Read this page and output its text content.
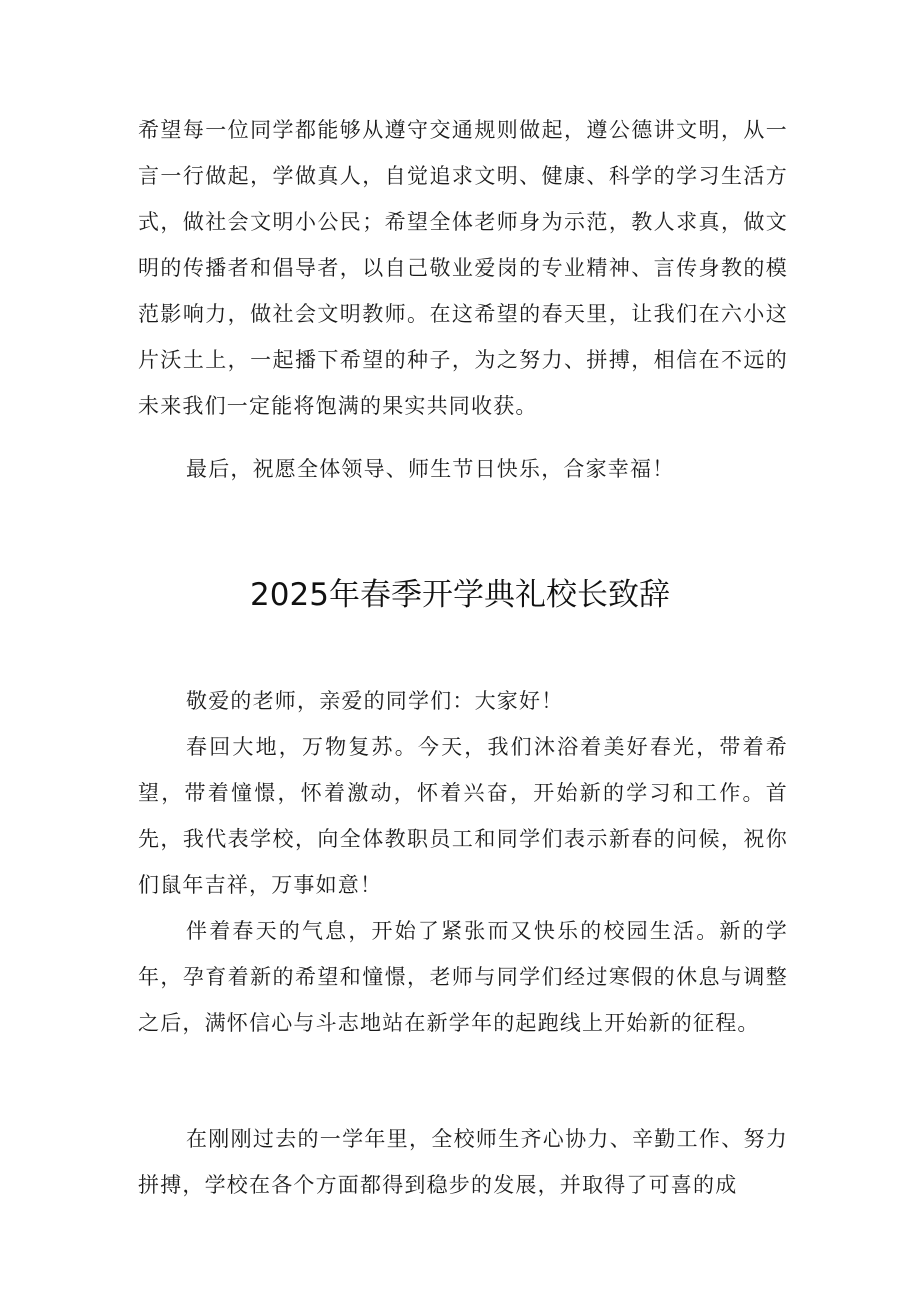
希望每一位同学都能够从遵守交通规则做起，遵公德讲文明，从一言一行做起，学做真人，自觉追求文明、健康、科学的学习生活方式，做社会文明小公民；希望全体老师身为示范，教人求真，做文明的传播者和倡导者，以自己敬业爱岗的专业精神、言传身教的模范影响力，做社会文明教师。在这希望的春天里，让我们在六小这片沃土上，一起播下希望的种子，为之努力、拼搏，相信在不远的未来我们一定能将饱满的果实共同收获。

最后，祝愿全体领导、师生节日快乐，合家幸福！

2025年春季开学典礼校长致辞

敬爱的老师，亲爱的同学们：大家好！

春回大地，万物复苏。今天，我们沐浴着美好春光，带着希望，带着憧憬，怀着激动，怀着兴奋，开始新的学习和工作。首先，我代表学校，向全体教职员工和同学们表示新春的问候，祝你们鼠年吉祥，万事如意！

伴着春天的气息，开始了紧张而又快乐的校园生活。新的学年，孕育着新的希望和憧憬，老师与同学们经过寒假的休息与调整之后，满怀信心与斗志地站在新学年的起跑线上开始新的征程。

在刚刚过去的一学年里，全校师生齐心协力、辛勤工作、努力拼搏，学校在各个方面都得到稳步的发展，并取得了可喜的成
